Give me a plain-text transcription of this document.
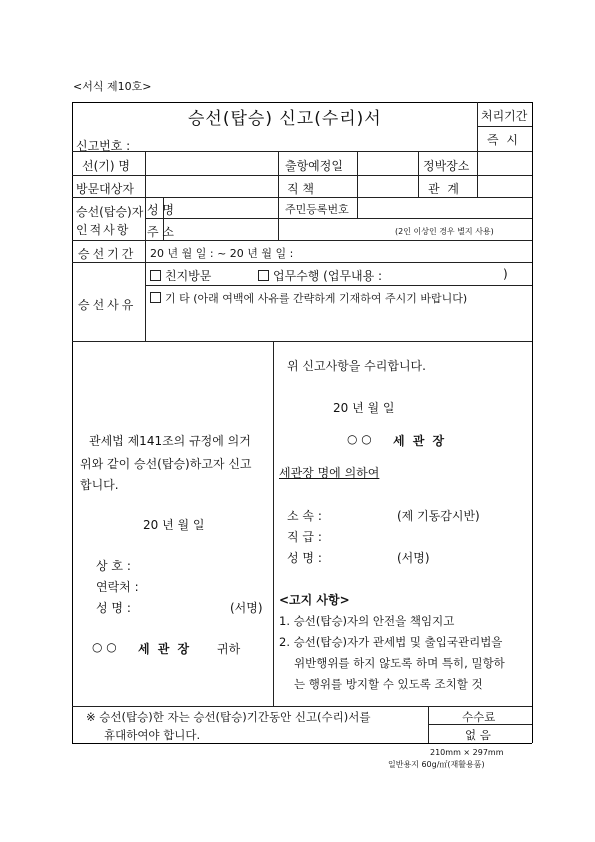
<서식 제10호>
승선(탑승) 신고(수리)서	처리기간
즉 시
신고번호 :
선(기) 명	출항예정일	정박장소
방문대상자	직 책	관 계
승선(탑승)자
인적사항
성 명	주민등록번호
주 소	(2인 이상인 경우 별지 사용)
승선기간 20 년 월 일 : ~ 20 년 월 일 :
승선사유
친지방문	업무수행 (업무내용 :	)
기 타 (아래 여백에 사유를 간략하게 기재하여 주시기 바랍니다)
관세법 제141조의 규정에 의거
위와 같이 승선(탑승)하고자 신고
합니다.
20 년 월 일
상 호 :
연락처 :
성 명 :	(서명)
○ ○ 세 관 장 귀하
위 신고사항을 수리합니다.
20 년 월 일
○ ○ 세 관 장
세관장 명에 의하여
소 속 :	(제 기동감시반)
직 급 :
성 명 :	(서명)
<고지 사항>
1. 승선(탑승)자의 안전을 책임지고
2. 승선(탑승)자가 관세법 및 출입국관리법을
위반행위를 하지 않도록 하며 특히, 밀항하
는 행위를 방지할 수 있도록 조치할 것
※ 승선(탑승)한 자는 승선(탑승)기간동안 신고(수리)서를
휴대하여야 합니다.
수수료
없 음
210mm × 297mm
일반용지 60g/㎡(재활용품)
